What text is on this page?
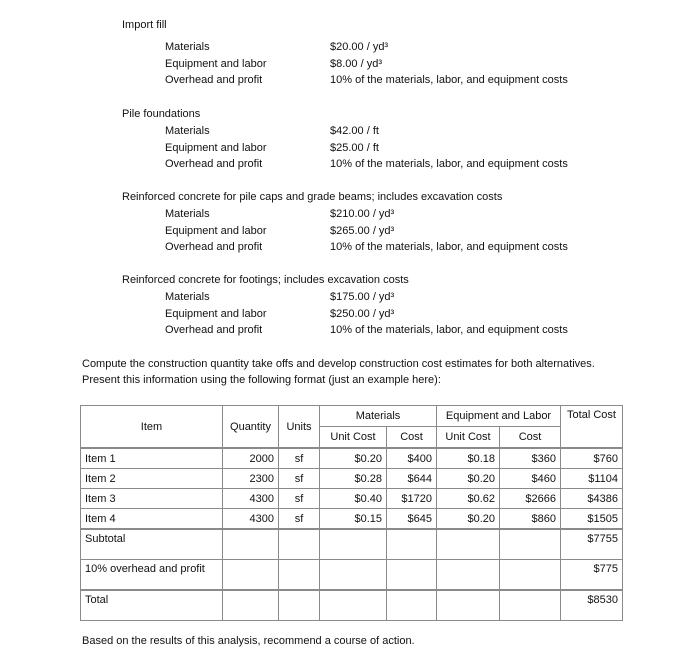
Import fill
Materials	$20.00 / yd³
Equipment and labor	$8.00 / yd³
Overhead and profit	10% of the materials, labor, and equipment costs
Pile foundations
Materials	$42.00 / ft
Equipment and labor	$25.00 / ft
Overhead and profit	10% of the materials, labor, and equipment costs
Reinforced concrete for pile caps and grade beams; includes excavation costs
Materials	$210.00 / yd³
Equipment and labor	$265.00 / yd³
Overhead and profit	10% of the materials, labor, and equipment costs
Reinforced concrete for footings; includes excavation costs
Materials	$175.00 / yd³
Equipment and labor	$250.00 / yd³
Overhead and profit	10% of the materials, labor, and equipment costs
Compute the construction quantity take offs and develop construction cost estimates for both alternatives.
Present this information using the following format (just an example here):
Item	Quantity	Units	Materials		Equipment and Labor		Total Cost
			Unit Cost	Cost	Unit Cost	Cost	
Item 1	2000	sf	$0.20	$400	$0.18	$360	$760
Item 2	2300	sf	$0.28	$644	$0.20	$460	$1104
Item 3	4300	sf	$0.40	$1720	$0.62	$2666	$4386
Item 4	4300	sf	$0.15	$645	$0.20	$860	$1505
Subtotal							$7755
10% overhead and profit							$775
Total							$8530
Based on the results of this analysis, recommend a course of action.
